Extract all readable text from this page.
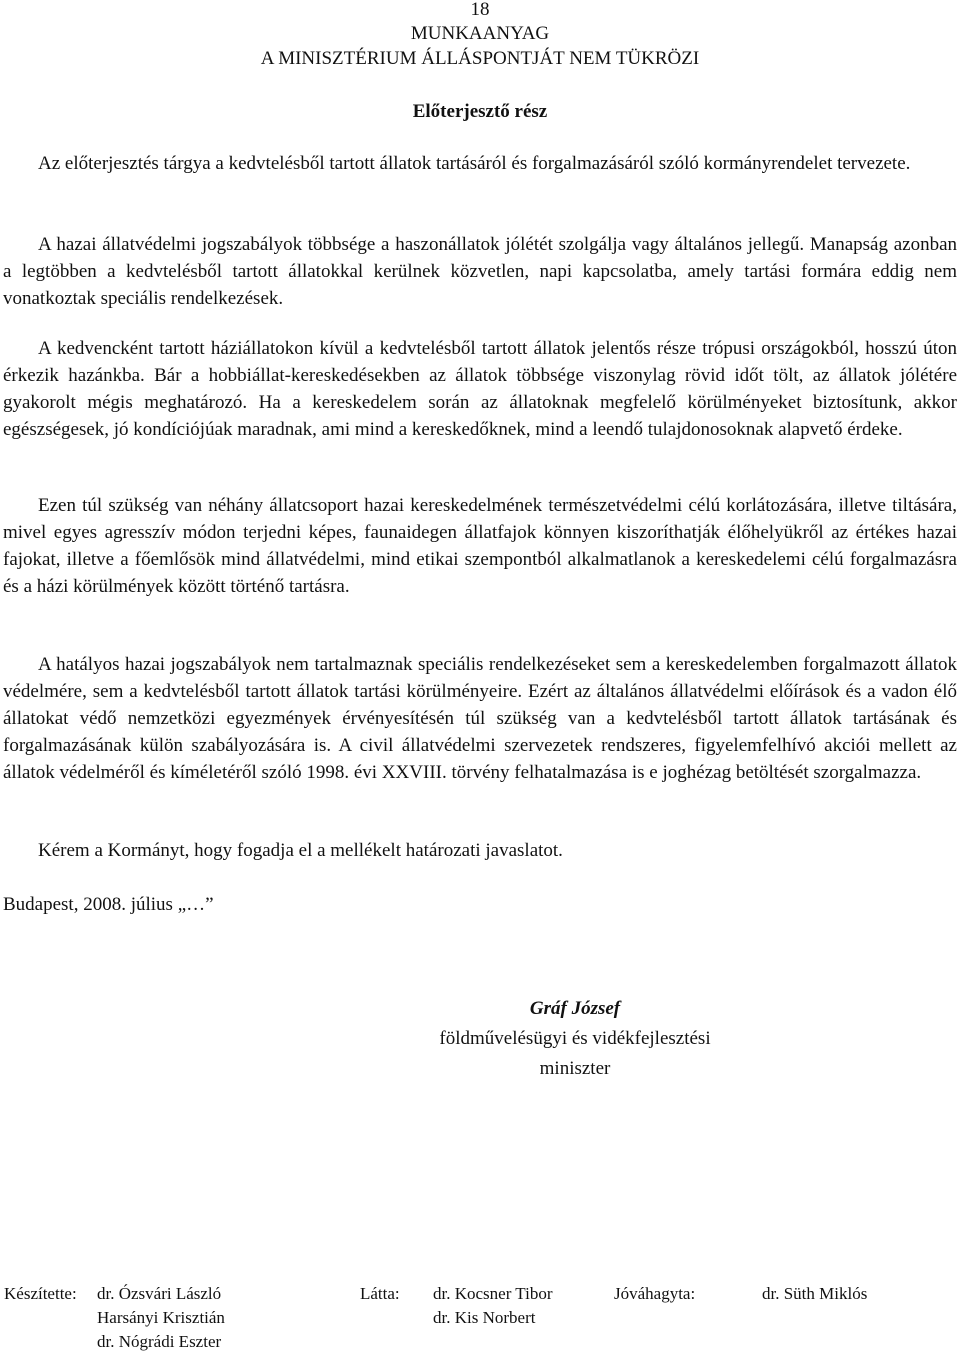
18
MUNKAANYAG
A MINISZTÉRIUM ÁLLÁSPONTJÁT NEM TÜKRÖZI
Előterjesztő rész
Az előterjesztés tárgya a kedvtelésből tartott állatok tartásáról és forgalmazásáról szóló kormányrendelet tervezete.
A hazai állatvédelmi jogszabályok többsége a haszonállatok jólétét szolgálja vagy általános jellegű. Manapság azonban a legtöbben a kedvtelésből tartott állatokkal kerülnek közvetlen, napi kapcsolatba, amely tartási formára eddig nem vonatkoztak speciális rendelkezések.
A kedvencként tartott háziállatokon kívül a kedvtelésből tartott állatok jelentős része trópusi országokból, hosszú úton érkezik hazánkba. Bár a hobbiállat-kereskedésekben az állatok többsége viszonylag rövid időt tölt, az állatok jólétére gyakorolt mégis meghatározó. Ha a kereskedelem során az állatoknak megfelelő körülményeket biztosítunk, akkor egészségesek, jó kondíciójúak maradnak, ami mind a kereskedőknek, mind a leendő tulajdonosoknak alapvető érdeke.
Ezen túl szükség van néhány állatcsoport hazai kereskedelmének természetvédelmi célú korlátozására, illetve tiltására, mivel egyes agresszív módon terjedni képes, faunaidegen állatfajok könnyen kiszoríthatják élőhelyükről az értékes hazai fajokat, illetve a főemlősök mind állatvédelmi, mind etikai szempontból alkalmatlanok a kereskedelemi célú forgalmazásra és a házi körülmények között történő tartásra.
A hatályos hazai jogszabályok nem tartalmaznak speciális rendelkezéseket sem a kereskedelemben forgalmazott állatok védelmére, sem a kedvtelésből tartott állatok tartási körülményeire. Ezért az általános állatvédelmi előírások és a vadon élő állatokat védő nemzetközi egyezmények érvényesítésén túl szükség van a kedvtelésből tartott állatok tartásának és forgalmazásának külön szabályozására is. A civil állatvédelmi szervezetek rendszeres, figyelemfelhívó akciói mellett az állatok védelméről és kíméletéről szóló 1998. évi XXVIII. törvény felhatalmazása is e joghézag betöltését szorgalmazza.
Kérem a Kormányt, hogy fogadja el a mellékelt határozati javaslatot.
Budapest, 2008. július „…”
Gráf József
földművelésügyi és vidékfejlesztési
miniszter
Készítette: dr. Ózsvári László
Harsányi Krisztián
dr. Nógrádi Eszter
Látta: dr. Kocsner Tibor
dr. Kis Norbert
Jóváhagyta:	dr. Süth Miklós
